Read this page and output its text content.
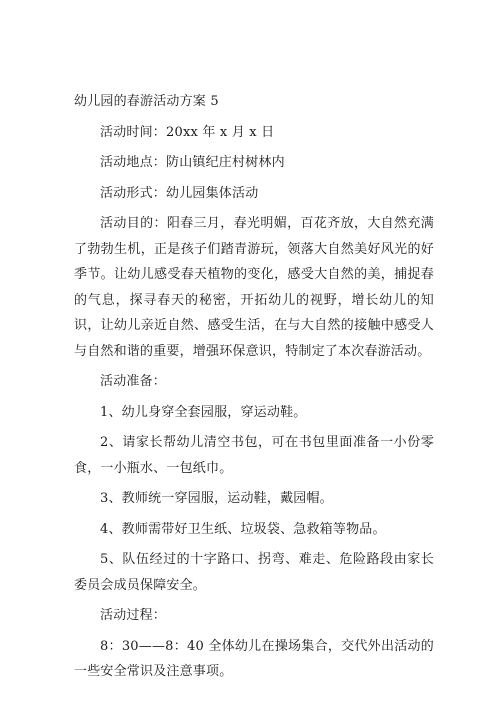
幼儿园的春游活动方案 5

活动时间：20xx 年 x 月 x 日

活动地点：防山镇纪庄村树林内

活动形式：幼儿园集体活动

活动目的：阳春三月，春光明媚，百花齐放，大自然充满了勃勃生机，正是孩子们踏青游玩，领落大自然美好风光的好季节。让幼儿感受春天植物的变化，感受大自然的美，捕捉春的气息，探寻春天的秘密，开拓幼儿的视野，增长幼儿的知识，让幼儿亲近自然、感受生活，在与大自然的接触中感受人与自然和谐的重要，增强环保意识，特制定了本次春游活动。

活动准备：

1、幼儿身穿全套园服，穿运动鞋。

2、请家长帮幼儿清空书包，可在书包里面准备一小份零食，一小瓶水、一包纸巾。

3、教师统一穿园服，运动鞋，戴园帽。

4、教师需带好卫生纸、垃圾袋、急救箱等物品。

5、队伍经过的十字路口、拐弯、难走、危险路段由家长委员会成员保障安全。

活动过程：

8：30——8：40 全体幼儿在操场集合，交代外出活动的一些安全常识及注意事项。
